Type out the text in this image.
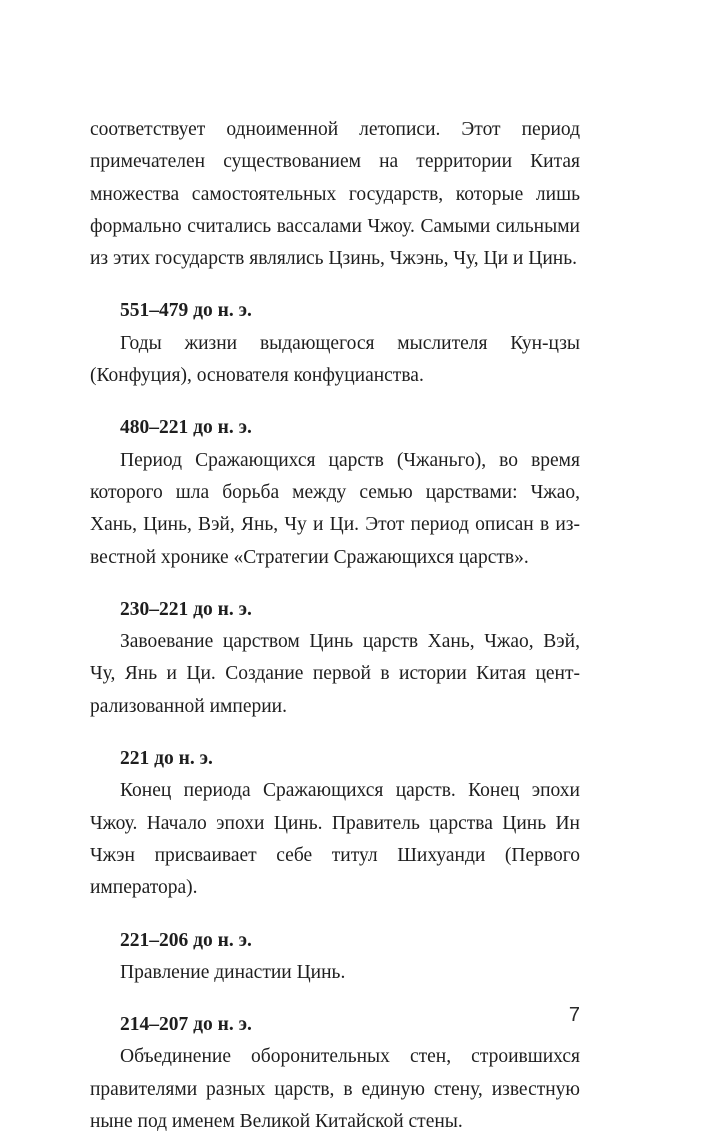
соответствует одноименной летописи. Этот период примечателен существованием на территории Китая множества самостоятельных государств, которые лишь формально считались вассалами Чжоу. Самыми сильными из этих государств являлись Цзинь, Чжэнь, Чу, Ци и Цинь.

551–479 до н. э.

Годы жизни выдающегося мыслителя Кун-цзы (Конфуция), основателя конфуцианства.

480–221 до н. э.

Период Сражающихся царств (Чжаньго), во время которого шла борьба между семью царствами: Чжао, Хань, Цинь, Вэй, Янь, Чу и Ци. Этот период описан в известной хронике «Стратегии Сражающихся царств».

230–221 до н. э.

Завоевание царством Цинь царств Хань, Чжао, Вэй, Чу, Янь и Ци. Создание первой в истории Китая централизованной империи.

221 до н. э.

Конец периода Сражающихся царств. Конец эпохи Чжоу. Начало эпохи Цинь. Правитель царства Цинь Ин Чжэн присваивает себе титул Шихуанди (Первого императора).

221–206 до н. э.

Правление династии Цинь.

214–207 до н. э.

Объединение оборонительных стен, строившихся правителями разных царств, в единую стену, известную ныне под именем Великой Китайской стены.

7
